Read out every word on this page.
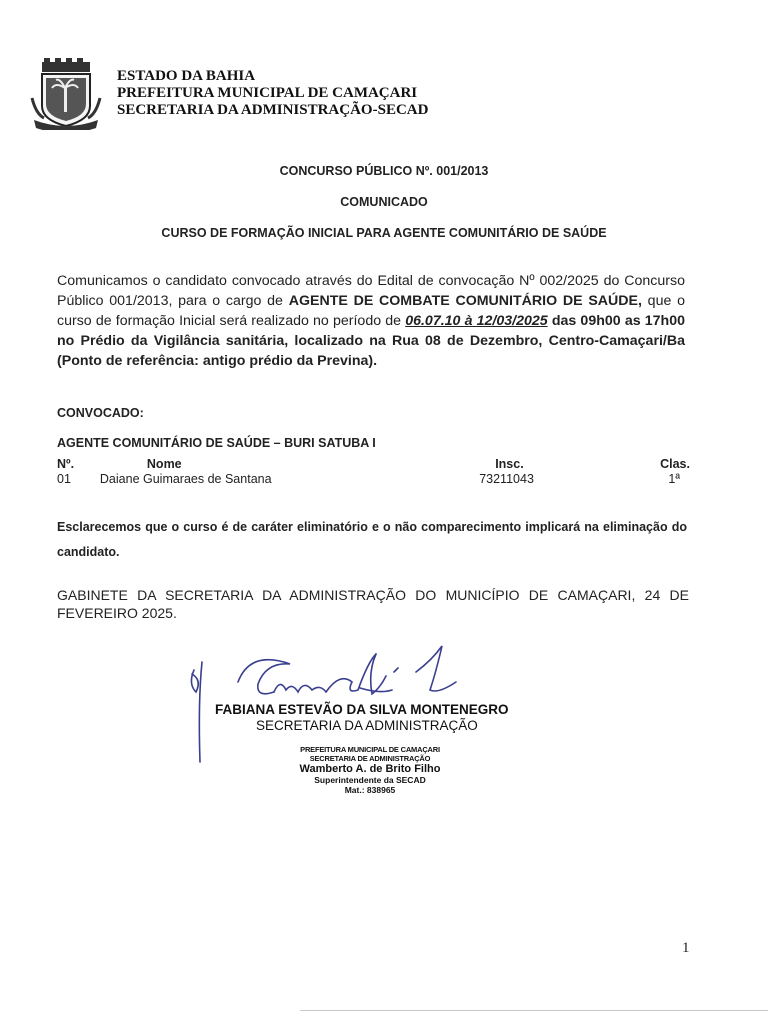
ESTADO DA BAHIA
PREFEITURA MUNICIPAL DE CAMAÇARI
SECRETARIA DA ADMINISTRAÇÃO-SECAD
CONCURSO PÚBLICO Nº. 001/2013
COMUNICADO
CURSO DE FORMAÇÃO INICIAL PARA AGENTE COMUNITÁRIO DE SAÚDE
Comunicamos o candidato convocado através do Edital de convocação Nº 002/2025 do Concurso Público 001/2013, para o cargo de AGENTE DE COMBATE COMUNITÁRIO DE SAÚDE, que o curso de formação Inicial será realizado no período de 06.07.10 à 12/03/2025 das 09h00 as 17h00 no Prédio da Vigilância sanitária, localizado na Rua 08 de Dezembro, Centro-Camaçari/Ba (Ponto de referência: antigo prédio da Previna).
CONVOCADO:
AGENTE COMUNITÁRIO DE SAÚDE – BURI SATUBA I
Nº.	Nome	Insc.	Clas.
01	Daiane Guimaraes de Santana	73211043	1ª
Esclarecemos que o curso é de caráter eliminatório e o não comparecimento implicará na eliminação do candidato.
GABINETE DA SECRETARIA DA ADMINISTRAÇÃO DO MUNICÍPIO DE CAMAÇARI, 24 DE FEVEREIRO 2025.
FABIANA ESTEVÃO DA SILVA MONTENEGRO
SECRETARIA DA ADMINISTRAÇÃO
PREFEITURA MUNICIPAL DE CAMAÇARI
SECRETARIA DE ADMINISTRAÇÃO
Wamberto A. de Brito Filho
Superintendente da SECAD
Mat.: 838965
1
